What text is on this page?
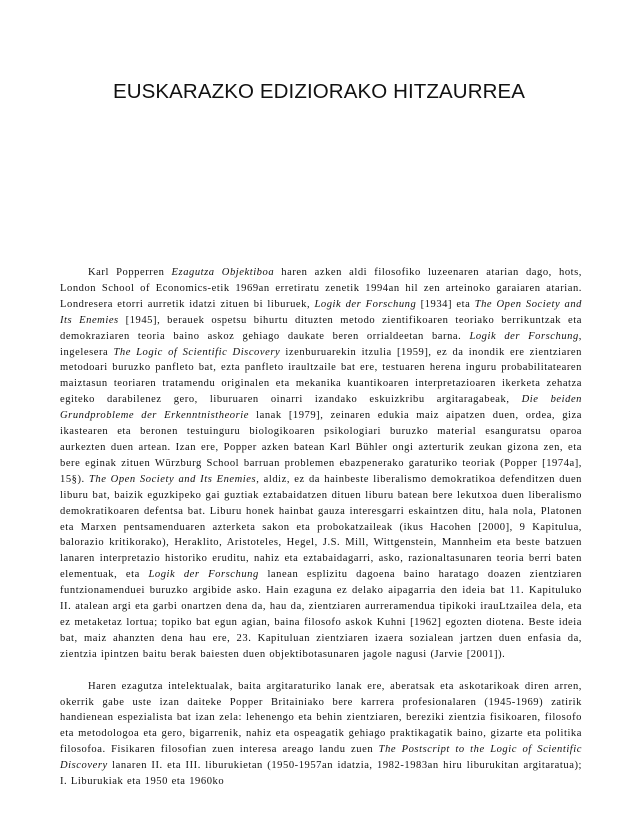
EUSKARAZKO EDIZIORAKO HITZAURREA

Karl Popperren Ezagutza Objektiboa haren azken aldi filosofiko luzeenaren atarian dago, hots, London School of Economics-etik 1969an erretiratu zenetik 1994an hil zen arteinoko garaiaren atarian. Londresera etorri aurretik idatzi zituen bi liburuek, Logik der Forschung [1934] eta The Open Society and Its Enemies [1945], berauek ospetsu bihurtu dituzten metodo zientifikoaren teoriako berrikuntzak eta demokraziaren teoria baino askoz gehiago daukate beren orrialdeetan barna. Logik der Forschung, ingelesera The Logic of Scientific Discovery izenburuarekin itzulia [1959], ez da inondik ere zientziaren metodoari buruzko panfleto bat, ezta panfleto iraultzaile bat ere, testuaren herena inguru probabilitatearen maiztasun teoriaren tratamendu originalen eta mekanika kuantikoaren interpretazioaren ikerketa zehatza egiteko darabilenez gero, liburuaren oinarri izandako eskuizkribu argitaragabeak, Die beiden Grundprobleme der Erkenntnistheorie lanak [1979], zeinaren edukia maiz aipatzen duen, ordea, giza ikastearen eta beronen testuinguru biologikoaren psikologiari buruzko material esanguratsu oparoa aurkezten duen artean. Izan ere, Popper azken batean Karl Bühler ongi azterturik zeukan gizona zen, eta bere eginak zituen Würzburg School barruan problemen ebazpenerako garaturiko teoriak (Popper [1974a], 15§). The Open Society and Its Enemies, aldiz, ez da hainbeste liberalismo demokratikoa defenditzen duen liburu bat, baizik eguzkipeko gai guztiak eztabaidatzen dituen liburu batean bere lekutxoa duen liberalismo demokratikoaren defentsa bat. Liburu honek hainbat gauza interesgarri eskaintzen ditu, hala nola, Platonen eta Marxen pentsamenduaren azterketa sakon eta probokatzaileak (ikus Hacohen [2000], 9 Kapitulua, balorazio kritikorako), Heraklito, Aristoteles, Hegel, J.S. Mill, Wittgenstein, Mannheim eta beste batzuen lanaren interpretazio historiko eruditu, nahiz eta eztabaidagarri, asko, razionaltasunaren teoria berri baten elementuak, eta Logik der Forschung lanean esplizitu dagoena baino haratago doazen zientziaren funtzionamenduei buruzko argibide asko. Hain ezaguna ez delako aipagarria den ideia bat 11. Kapituluko II. atalean argi eta garbi onartzen dena da, hau da, zientziaren aurreramendua tipikoki irauLtzailea dela, eta ez metaketaz lortua; topiko bat egun agian, baina filosofo askok Kuhni [1962] egozten diotena. Beste ideia bat, maiz ahanzten dena hau ere, 23. Kapituluan zientziaren izaera sozialean jartzen duen enfasia da, zientzia ipintzen baitu berak baiesten duen objektibotasunaren jagole nagusi (Jarvie [2001]).

Haren ezagutza intelektualak, baita argitaraturiko lanak ere, aberatsak eta askotarikoak diren arren, okerrik gabe uste izan daiteke Popper Britainiako bere karrera profesionalaren (1945-1969) zatirik handienean espezialista bat izan zela: lehenengo eta behin zientziaren, bereziki zientzia fisikoaren, filosofo eta metodologoa eta gero, bigarrenik, nahiz eta ospeagatik gehiago praktikagatik baino, gizarte eta politika filosofoa. Fisikaren filosofian zuen interesa areago landu zuen The Postscript to the Logic of Scientific Discovery lanaren II. eta III. liburukietan (1950-1957an idatzia, 1982-1983an hiru liburukitan argitaratua); I. Liburukiak eta 1950 eta 1960ko
